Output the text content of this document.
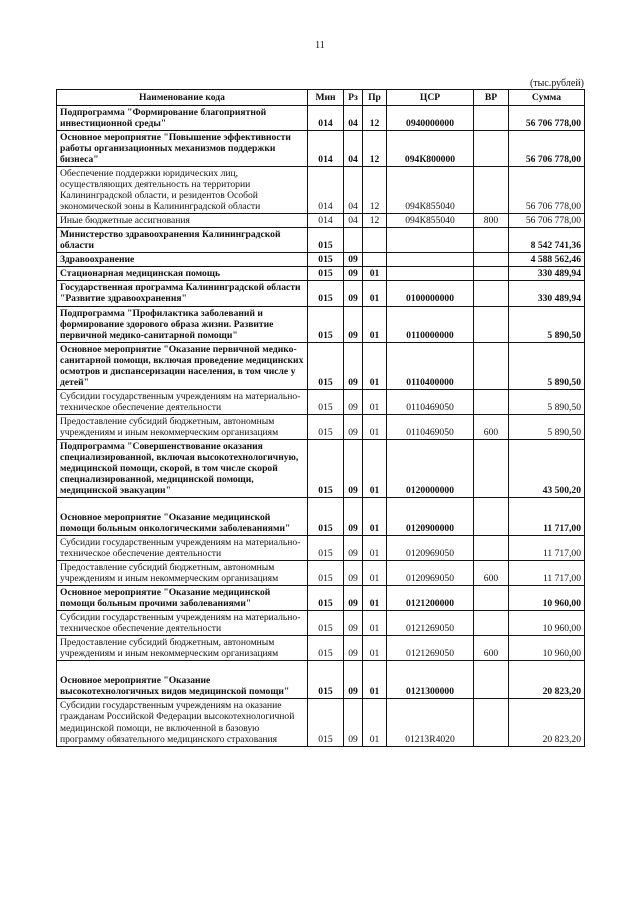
11
(тыс.рублей)
Наименование кода	Мин	Рз	Пр	ЦСР	ВР	Сумма
Подпрограмма "Формирование благоприятной инвестиционной среды"	014	04	12	0940000000		56 706 778,00
Основное мероприятие "Повышение эффективности работы организационных механизмов поддержки бизнеса"	014	04	12	094К800000		56 706 778,00
Обеспечение поддержки юридических лиц, осуществляющих деятельность на территории Калининградской области, и резидентов Особой экономической зоны в Калининградской области	014	04	12	094К855040		56 706 778,00
Иные бюджетные ассигнования	014	04	12	094К855040	800	56 706 778,00
Министерство здравоохранения Калининградской области	015					8 542 741,36
Здравоохранение	015	09				4 588 562,46
Стационарная медицинская помощь	015	09	01			330 489,94
Государственная программа Калининградской области "Развитие здравоохранения"	015	09	01	0100000000		330 489,94
Подпрограмма "Профилактика заболеваний и формирование здорового образа жизни. Развитие первичной медико-санитарной помощи"	015	09	01	0110000000		5 890,50
Основное мероприятие "Оказание первичной медико-санитарной помощи, включая проведение медицинских осмотров и диспансеризации населения, в том числе у детей"	015	09	01	0110400000		5 890,50
Субсидии государственным учреждениям на материально-техническое обеспечение деятельности	015	09	01	0110469050		5 890,50
Предоставление субсидий бюджетным, автономным учреждениям и иным некоммерческим организациям	015	09	01	0110469050	600	5 890,50
Подпрограмма "Совершенствование оказания специализированной, включая высокотехнологичную, медицинской помощи, скорой, в том числе скорой специализированной, медицинской помощи, медицинской эвакуации"	015	09	01	0120000000		43 500,20
Основное мероприятие "Оказание медицинской помощи больным онкологическими заболеваниями"	015	09	01	0120900000		11 717,00
Субсидии государственным учреждениям на материально-техническое обеспечение деятельности	015	09	01	0120969050		11 717,00
Предоставление субсидий бюджетным, автономным учреждениям и иным некоммерческим организациям	015	09	01	0120969050	600	11 717,00
Основное мероприятие "Оказание медицинской помощи больным прочими заболеваниями"	015	09	01	0121200000		10 960,00
Субсидии государственным учреждениям на материально-техническое обеспечение деятельности	015	09	01	0121269050		10 960,00
Предоставление субсидий бюджетным, автономным учреждениям и иным некоммерческим организациям	015	09	01	0121269050	600	10 960,00
Основное мероприятие "Оказание высокотехнологичных видов медицинской помощи"	015	09	01	0121300000		20 823,20
Субсидии государственным учреждениям на оказание гражданам Российской Федерации высокотехнологичной медицинской помощи, не включенной в базовую программу обязательного медицинского страхования	015	09	01	01213R4020		20 823,20
